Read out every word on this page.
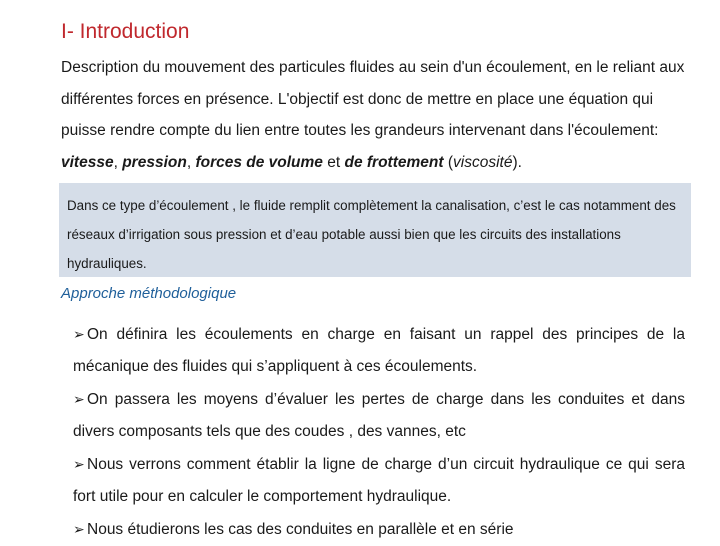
I- Introduction

Description du mouvement des particules fluides au sein d'un écoulement, en le reliant aux différentes forces en présence. L'objectif est donc de mettre en place une équation qui puisse rendre compte du lien entre toutes les grandeurs intervenant dans l'écoulement: vitesse, pression, forces de volume et de frottement (viscosité).

Dans ce type d’écoulement , le fluide remplit complètement la canalisation, c’est le cas notamment des réseaux d’irrigation sous pression et d’eau potable aussi bien que les circuits des installations hydrauliques.
Approche méthodologique
➢ On définira les écoulements en charge en faisant un rappel des principes de la mécanique des fluides qui s’appliquent à ces écoulements.
➢ On passera les moyens d’évaluer les pertes de charge dans les conduites et dans divers composants tels que des coudes , des vannes, etc
➢ Nous verrons comment établir la ligne de charge d’un circuit hydraulique ce qui sera fort utile pour en calculer le comportement hydraulique.
➢ Nous étudierons les cas des conduites en parallèle et en série
